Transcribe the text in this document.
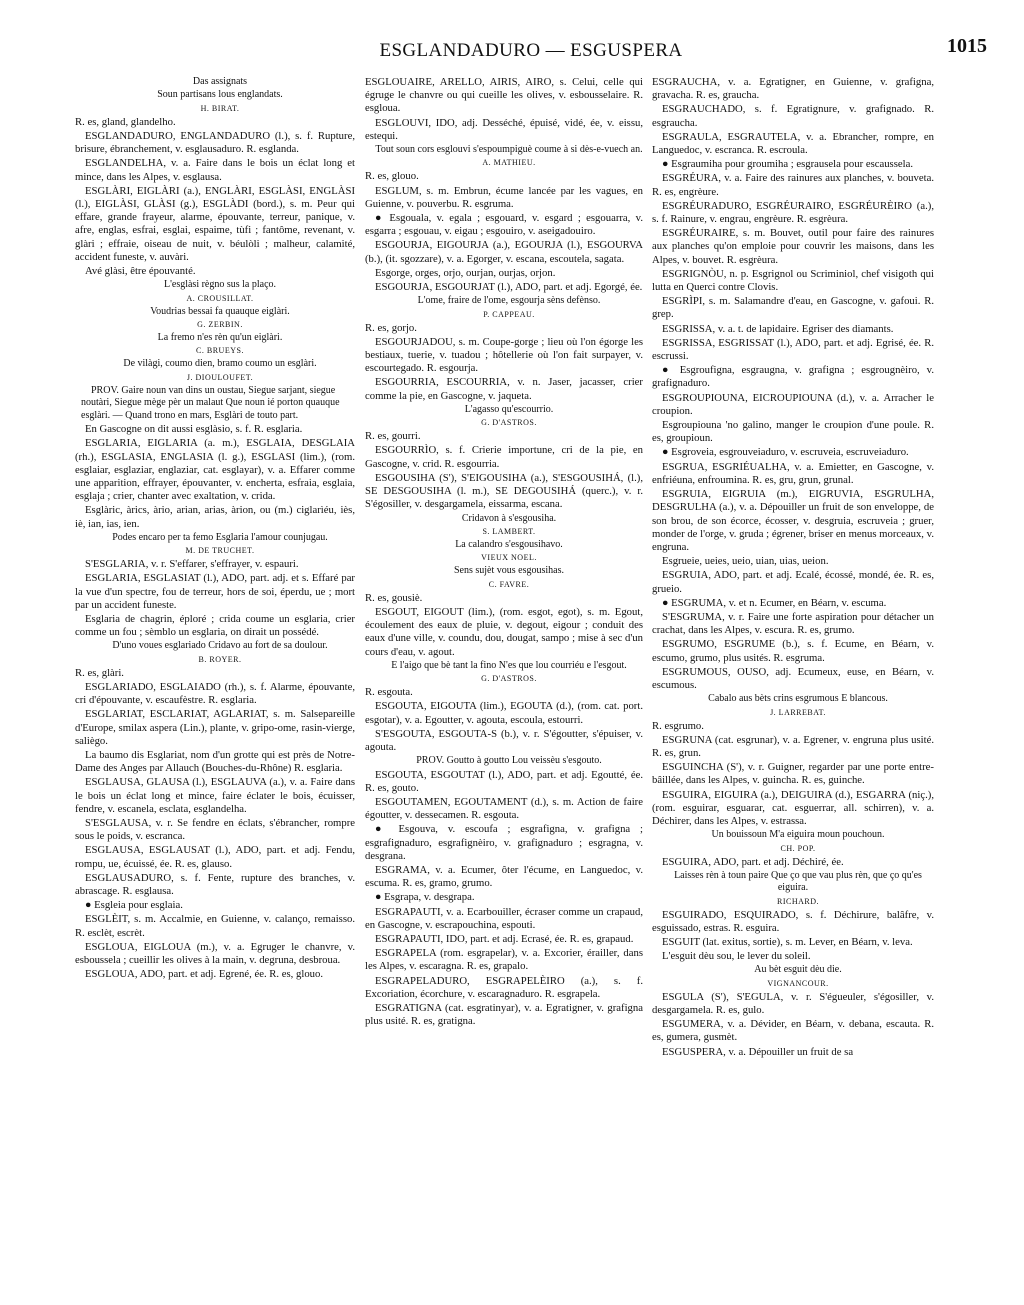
ESGLANDADURO — ESGUSPERA	1015

Das assignats

Soun partisans lous englandats.

H. BIRAT.

R. es, gland, glandelho.

ESGLANDADURO, ENGLANDADURO (l.), s. f. Rupture, brisure, ébranchement, v. esglausaduro. R. esglanda.

ESGLANDELHA, v. a. Faire dans le bois un éclat long et mince, dans les Alpes, v. esglausa.

ESGLÀRI, EIGLÀRI (a.), ENGLÀRI, ESGLÀSI, ENGLÀSI (l.), EIGLÀSI, GLÀSI (g.), ESGLÀDI (bord.), s. m. Peur qui effare, grande frayeur, alarme, épouvante, terreur, panique, v. afre, englas, esfrai, esglai, espaime, tùfi ; fantôme, revenant, v. glàri ; effraie, oiseau de nuit, v. béulòli ; malheur, calamité, accident funeste, v. auvàri.

Avé glàsi, être épouvanté.

L'esglàsi règno sus la plaço.

A. CROUSILLAT.

Voudrias bessai fa quauque eiglàri.

G. ZERBIN.

La fremo n'es rèn qu'un eiglàri.

C. BRUEYS.

De vilàgi, coumo dien, bramo coumo un esglàri.

J. DIOULOUFET.

PROV. Gaire noun van dins un oustau, Siegue sarjant, siegue noutàri, Siegue mège pèr un malaut Que noun ié porton quauque esglàri. — Quand trono en mars, Esglàri de touto part.

En Gascogne on dit aussi esglàsio, s. f. R. esglaria.

ESGLARIA, EIGLARIA (a. m.), ESGLAIA, DESGLAIA (rh.), ESGLASIA, ENGLASIA (l. g.), ESGLASI (lim.), (rom. esglaiar, esglaziar, englaziar, cat. esglayar), v. a. Effarer comme une apparition, effrayer, épouvanter, v. encherta, esfraia, esglaia, esglaja ; crier, chanter avec exaltation, v. crida.

Esglàric, àrics, àrio, arian, arias, àrion, ou (m.) ciglarìéu, iès, iè, ian, ias, ien.

Podes encaro per ta femo Esglaria l'amour counjugau.

M. DE TRUCHET.

S'ESGLARIA, v. r. S'effarer, s'effrayer, v. espauri.

ESGLARIA, ESGLASIAT (l.), ADO, part. adj. et s. Effaré par la vue d'un spectre, fou de terreur, hors de soi, éperdu, ue ; mort par un accident funeste.

Esglaria de chagrin, éploré ; crida coume un esglaria, crier comme un fou ; sèmblo un esglaria, on dirait un possédé.

D'uno voues esglariado Cridavo au fort de sa doulour.

B. ROYER.

R. es, glàri.

ESGLARIADO, ESGLAIADO (rh.), s. f. Alarme, épouvante, cri d'épouvante, v. escaufèstre. R. esglaria.

ESGLARIAT, ESCLARIAT, AGLARIAT, s. m. Salsepareille d'Europe, smilax aspera (Lin.), plante, v. gripo-ome, rasin-vierge, saliègo.

La baumo dis Esglariat, nom d'un grotte qui est près de Notre-Dame des Anges par Allauch (Bouches-du-Rhône) R. esglaria.

ESGLAUSA, GLAUSA (l.), ESGLAUVA (a.), v. a. Faire dans le bois un éclat long et mince, faire éclater le bois, écuisser, fendre, v. escanela, esclata, esglandelha.

S'ESGLAUSA, v. r. Se fendre en éclats, s'ébrancher, rompre sous le poids, v. escranca.

ESGLAUSA, ESGLAUSAT (l.), ADO, part. et adj. Fendu, rompu, ue, écuissé, ée. R. es, glauso.

ESGLAUSADURO, s. f. Fente, rupture des branches, v. abrascage. R. esglausa.

● Esgleia pour esglaia.

ESGLÈIT, s. m. Accalmie, en Guienne, v. calanço, remaisso. R. esclèt, escrèt.

ESGLOUA, EIGLOUA (m.), v. a. Egruger le chanvre, v. esboussela ; cueillir les olives à la main, v. degruna, desbroua.

ESGLOUA, ADO, part. et adj. Egrené, ée. R. es, glouo.

ESGLOUAIRE, ARELLO, AIRIS, AIRO, s. Celui, celle qui égruge le chanvre ou qui cueille les olives, v. esbousselaire. R. esgloua.

ESGLOUVI, IDO, adj. Desséché, épuisé, vidé, ée, v. eissu, estequi.

Tout soun cors esglouvi s'espoumpiguè coume à si dès-e-vuech an.

A. MATHIEU.

R. es, glouo.

ESGLUM, s. m. Embrun, écume lancée par les vagues, en Guienne, v. pouverbu. R. esgruma.

● Esgouala, v. egala ; esgouard, v. esgard ; esgouarra, v. esgarra ; esgouau, v. eigau ; esgouiro, v. aseigadouiro.

ESGOURJA, EIGOURJA (a.), EGOURJA (l.), ESGOURVA (b.), (it. sgozzare), v. a. Egorger, v. escana, escoutela, sagata.

Esgorge, orges, orjo, ourjan, ourjas, orjon.

ESGOURJA, ESGOURJAT (l.), ADO, part. et adj. Egorgé, ée.

L'ome, fraire de l'ome, esgourja sèns defènso.

P. CAPPEAU.

R. es, gorjo.

ESGOURJADOU, s. m. Coupe-gorge ; lieu où l'on égorge les bestiaux, tuerie, v. tuadou ; hôtellerie où l'on fait surpayer, v. escourtegado. R. esgourja.

ESGOURRIA, ESCOURRIA, v. n. Jaser, jacasser, crier comme la pie, en Gascogne, v. jaqueta.

L'agasso qu'escourrio.

G. D'ASTROS.

R. es, gourri.

ESGOURRÌO, s. f. Crierie importune, cri de la pie, en Gascogne, v. crid. R. esgourria.

ESGOUSIHA (S'), S'EIGOUSIHA (a.), S'ESGOUSIHÁ, (l.), SE DESGOUSIHA (l. m.), SE DEGOUSIHÁ (querc.), v. r. S'égosiller, v. desgargamela, eissarma, escana.

Cridavon à s'esgousiha.

S. LAMBERT.

La calandro s'esgousihavo.

VIEUX NOEL.

Sens sujèt vous esgousihas.

C. FAVRE.

R. es, gousiè.

ESGOUT, EIGOUT (lim.), (rom. esgot, egot), s. m. Egout, écoulement des eaux de pluie, v. degout, eigour ; conduit des eaux d'une ville, v. coundu, dou, dougat, sampo ; mise à sec d'un cours d'eau, v. agout.

E l'aigo que bè tant la fino N'es que lou courriéu e l'esgout.

G. D'ASTROS.

R. esgouta.

ESGOUTA, EIGOUTA (lim.), EGOUTA (d.), (rom. cat. port. esgotar), v. a. Egoutter, v. agouta, escoula, estourri.

S'ESGOUTA, ESGOUTA-S (b.), v. r. S'égoutter, s'épuiser, v. agouta.

PROV. Goutto à goutto Lou veissèu s'esgouto.

ESGOUTA, ESGOUTAT (l.), ADO, part. et adj. Egoutté, ée. R. es, gouto.

ESGOUTAMEN, EGOUTAMENT (d.), s. m. Action de faire égoutter, v. dessecamen. R. esgouta.

● Esgouva, v. escoufa ; esgrafigna, v. grafigna ; esgrafignaduro, esgrafignèiro, v. grafignaduro ; esgragna, v. desgrana.

ESGRAMA, v. a. Ecumer, ôter l'écume, en Languedoc, v. escuma. R. es, gramo, grumo.

● Esgrapa, v. desgrapa.

ESGRAPAUTI, v. a. Ecarbouiller, écraser comme un crapaud, en Gascogne, v. escrapouchina, espouti.

ESGRAPAUTI, IDO, part. et adj. Ecrasé, ée. R. es, grapaud.

ESGRAPELA (rom. esgrapelar), v. a. Excorier, érailler, dans les Alpes, v. escaragna. R. es, grapalo.

ESGRAPELADURO, ESGRAPELÈIRO (a.), s. f. Excoriation, écorchure, v. escaragnaduro. R. esgrapela.

ESGRATIGNA (cat. esgratinyar), v. a. Egratigner, v. grafigna plus usité. R. es, gratigna.

ESGRAUCHA, v. a. Egratigner, en Guienne, v. grafigna, gravacha. R. es, graucha.

ESGRAUCHADO, s. f. Egratignure, v. grafignado. R. esgraucha.

ESGRAULA, ESGRAUTELA, v. a. Ebrancher, rompre, en Languedoc, v. escranca. R. escroula.

● Esgraumiha pour groumiha ; esgrausela pour escaussela.

ESGRÉURA, v. a. Faire des rainures aux planches, v. bouveta. R. es, engrèure.

ESGRÉURADURO, ESGRÉURAIRO, ESGRÉURÈIRO (a.), s. f. Rainure, v. engrau, engrèure. R. esgrèura.

ESGRÉURAIRE, s. m. Bouvet, outil pour faire des rainures aux planches qu'on emploie pour couvrir les maisons, dans les Alpes, v. bouvet. R. esgrèura.

ESGRIGNÒU, n. p. Esgrignol ou Scriminiol, chef visigoth qui lutta en Querci contre Clovis.

ESGRÌPI, s. m. Salamandre d'eau, en Gascogne, v. gafoui. R. grep.

ESGRISSA, v. a. t. de lapidaire. Egriser des diamants.

ESGRISSA, ESGRISSAT (l.), ADO, part. et adj. Egrisé, ée. R. escrussi.

● Esgroufigna, esgraugna, v. grafigna ; esgrougnèiro, v. grafignaduro.

ESGROUPIOUNA, EICROUPIOUNA (d.), v. a. Arracher le croupion.

Esgroupiouna 'no galino, manger le croupion d'une poule. R. es, groupioun.

● Esgroveia, esgrouveiaduro, v. escruveia, escruveiaduro.

ESGRUA, ESGRIÉUALHA, v. a. Emietter, en Gascogne, v. enfriéuna, enfroumina. R. es, gru, grun, grunal.

ESGRUIA, EIGRUIA (m.), EIGRUVIA, ESGRULHA, DESGRULHA (a.), v. a. Dépouiller un fruit de son enveloppe, de son brou, de son écorce, écosser, v. desgruia, escruveia ; gruer, monder de l'orge, v. gruda ; égrener, briser en menus morceaux, v. engruna.

Esgrueie, ueies, ueio, uian, uias, ueion.

ESGRUIA, ADO, part. et adj. Ecalé, écossé, mondé, ée. R. es, grueio.

● ESGRUMA, v. et n. Ecumer, en Béarn, v. escuma.

S'ESGRUMA, v. r. Faire une forte aspiration pour détacher un crachat, dans les Alpes, v. escura. R. es, grumo.

ESGRUMO, ESGRUME (b.), s. f. Ecume, en Béarn, v. escumo, grumo, plus usités. R. esgruma.

ESGRUMOUS, OUSO, adj. Ecumeux, euse, en Béarn, v. escumous.

Cabalo aus bèts crins esgrumous E blancous.

J. LARREBAT.

R. esgrumo.

ESGRUNA (cat. esgrunar), v. a. Egrener, v. engruna plus usité. R. es, grun.

ESGUINCHA (S'), v. r. Guigner, regarder par une porte entre-bâillée, dans les Alpes, v. guincha. R. es, guinche.

ESGUIRA, EIGUIRA (a.), DEIGUIRA (d.), ESGARRA (niç.), (rom. esguirar, esguarar, cat. esguerrar, all. schirren), v. a. Déchirer, dans les Alpes, v. estrassa.

Un bouissoun M'a eiguira moun pouchoun.

CH. POP.

ESGUIRA, ADO, part. et adj. Déchiré, ée.

Laisses rèn à toun paire Que ço que vau plus rèn, que ço qu'es eiguira.

RICHARD.

ESGUIRADO, ESQUIRADO, s. f. Déchirure, balâfre, v. esguissado, estras. R. esguira.

ESGUIT (lat. exitus, sortie), s. m. Lever, en Béarn, v. leva.

L'esguit dèu sou, le lever du soleil.

Au bèt esguit dèu die.

VIGNANCOUR.

ESGULA (S'), S'EGULA, v. r. S'égueuler, s'égosiller, v. desgargamela. R. es, gulo.

ESGUMERA, v. a. Dévider, en Béarn, v. debana, escauta. R. es, gumera, gusmèt.

ESGUSPERA, v. a. Dépouiller un fruit de sa
